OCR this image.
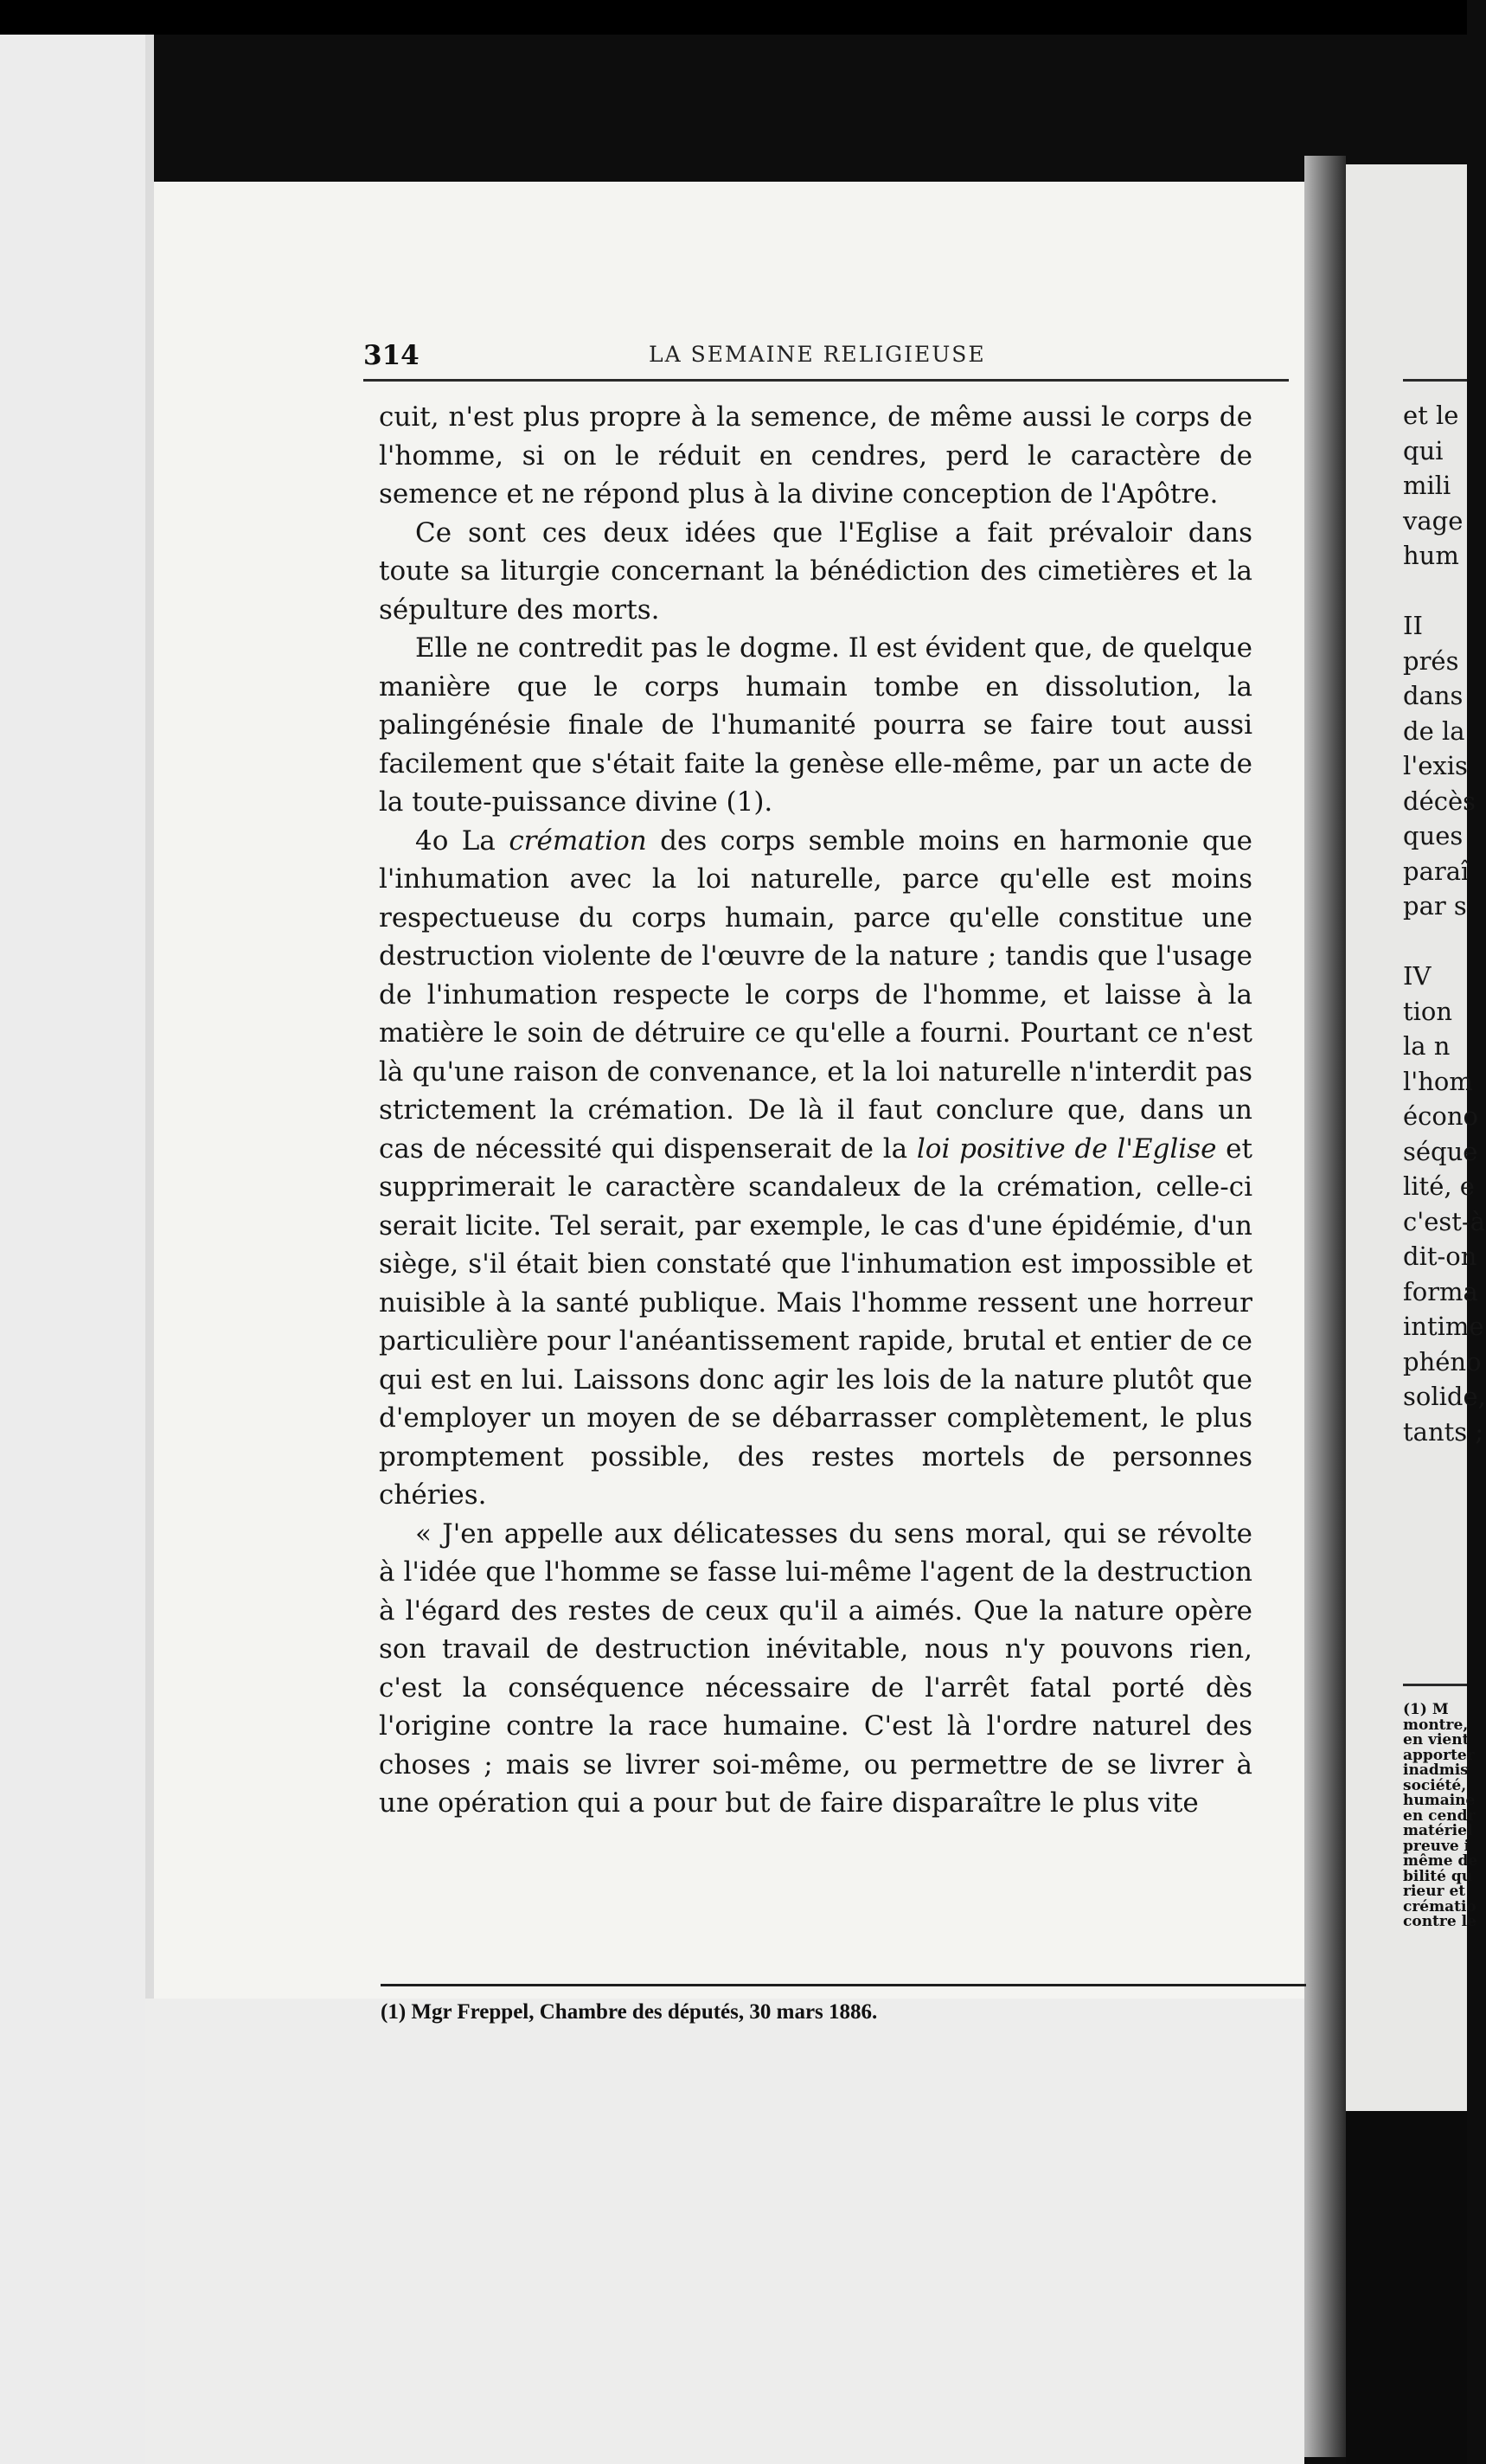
314	LA SEMAINE RELIGIEUSE

cuit, n'est plus propre à la semence, de même aussi le corps de l'homme, si on le réduit en cendres, perd le caractère de semence et ne répond plus à la divine conception de l'Apôtre.

Ce sont ces deux idées que l'Eglise a fait prévaloir dans toute sa liturgie concernant la bénédiction des cimetières et la sépulture des morts.

Elle ne contredit pas le dogme. Il est évident que, de quelque manière que le corps humain tombe en dissolution, la palingénésie finale de l'humanité pourra se faire tout aussi facilement que s'était faite la genèse elle-même, par un acte de la toute-puissance divine (1).

4o La crémation des corps semble moins en harmonie que l'inhumation avec la loi naturelle, parce qu'elle est moins respectueuse du corps humain, parce qu'elle constitue une destruction violente de l'œuvre de la nature ; tandis que l'usage de l'inhumation respecte le corps de l'homme, et laisse à la matière le soin de détruire ce qu'elle a fourni. Pourtant ce n'est là qu'une raison de convenance, et la loi naturelle n'interdit pas strictement la crémation. De là il faut conclure que, dans un cas de nécessité qui dispenserait de la loi positive de l'Eglise et supprimerait le caractère scandaleux de la crémation, celle-ci serait licite. Tel serait, par exemple, le cas d'une épidémie, d'un siège, s'il était bien constaté que l'inhumation est impossible et nuisible à la santé publique. Mais l'homme ressent une horreur particulière pour l'anéantissement rapide, brutal et entier de ce qui est en lui. Laissons donc agir les lois de la nature plutôt que d'employer un moyen de se débarrasser complètement, le plus promptement possible, des restes mortels de personnes chéries.

« J'en appelle aux délicatesses du sens moral, qui se révolte à l'idée que l'homme se fasse lui-même l'agent de la destruction à l'égard des restes de ceux qu'il a aimés. Que la nature opère son travail de destruction inévitable, nous n'y pouvons rien, c'est la conséquence nécessaire de l'arrêt fatal porté dès l'origine contre la race humaine. C'est là l'ordre naturel des choses ; mais se livrer soi-même, ou permettre de se livrer à une opération qui a pour but de faire disparaître le plus vite

(1) Mgr Freppel, Chambre des députés, 30 mars 1886.
et le
qui
mili
vage
hum
II
prés
dans
de la
l'exis
décès
ques
paraî
par s
IV
tion
la n
l'hom
écono
séque
lité, e
c'est-à
dit-on
forma
intime
phéno
solide,
tants ;
(1) M
montre,
en vient
apporter
inadmis
société,
humaine
en cendr
matériel
preuve i
même de
bilité qu
rieur et
crématio
contre le
